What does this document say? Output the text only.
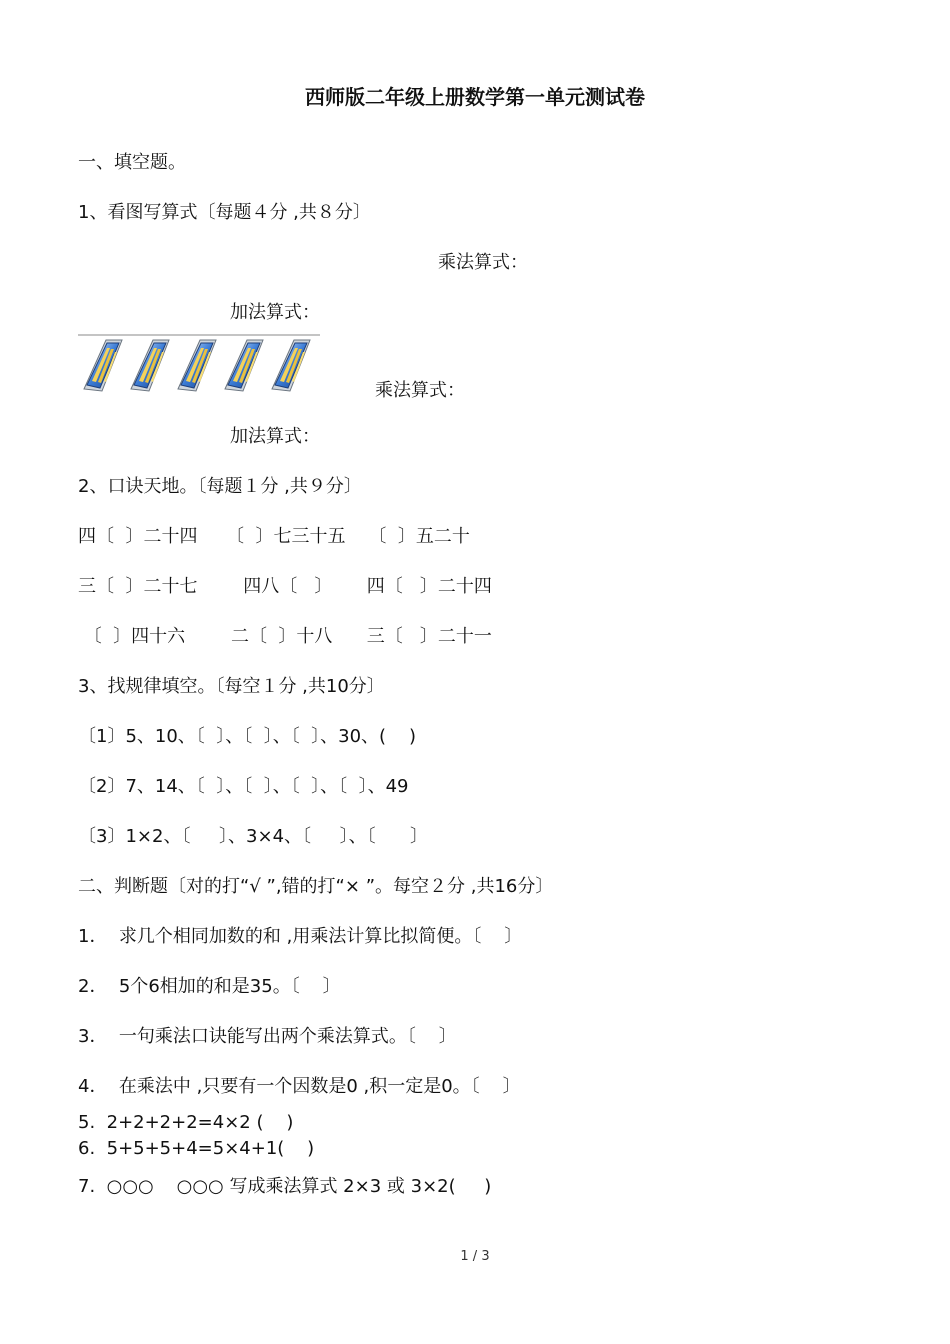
西师版二年级上册数学第一单元测试卷
一、填空题。
1、看图写算式〔每题４分 ,共８分〕
乘法算式：
加法算式：
乘法算式：
加法算式：
2、口诀天地。〔每题１分 ,共９分〕
四〔  〕二十四     〔  〕七三十五    〔  〕五二十
三〔  〕二十七        四八〔   〕      四〔   〕二十四
〔  〕四十六        二〔  〕十八      三〔   〕二十一
3、找规律填空。〔每空１分 ,共10分〕
〔1〕5、10、〔  〕、〔  〕、〔  〕、30、(    )
〔2〕7、14、〔  〕、〔  〕、〔  〕、〔  〕、49
〔3〕1×2、〔     〕、3×4、〔     〕、〔      〕
二、判断题〔对的打“√ ”,错的打“× ”。每空２分 ,共16分〕
1．  求几个相同加数的和 ,用乘法计算比拟简便。〔    〕
2．  5个6相加的和是35。〔    〕
3．  一句乘法口诀能写出两个乘法算式。〔    〕
4．  在乘法中 ,只要有一个因数是0 ,积一定是0。〔    〕
5.  2+2+2+2=4×2 (    )
6.  5+5+5+4=5×4+1(    )
7.  ○○○    ○○○ 写成乘法算式 2×3 或 3×2(     )
1 / 3
